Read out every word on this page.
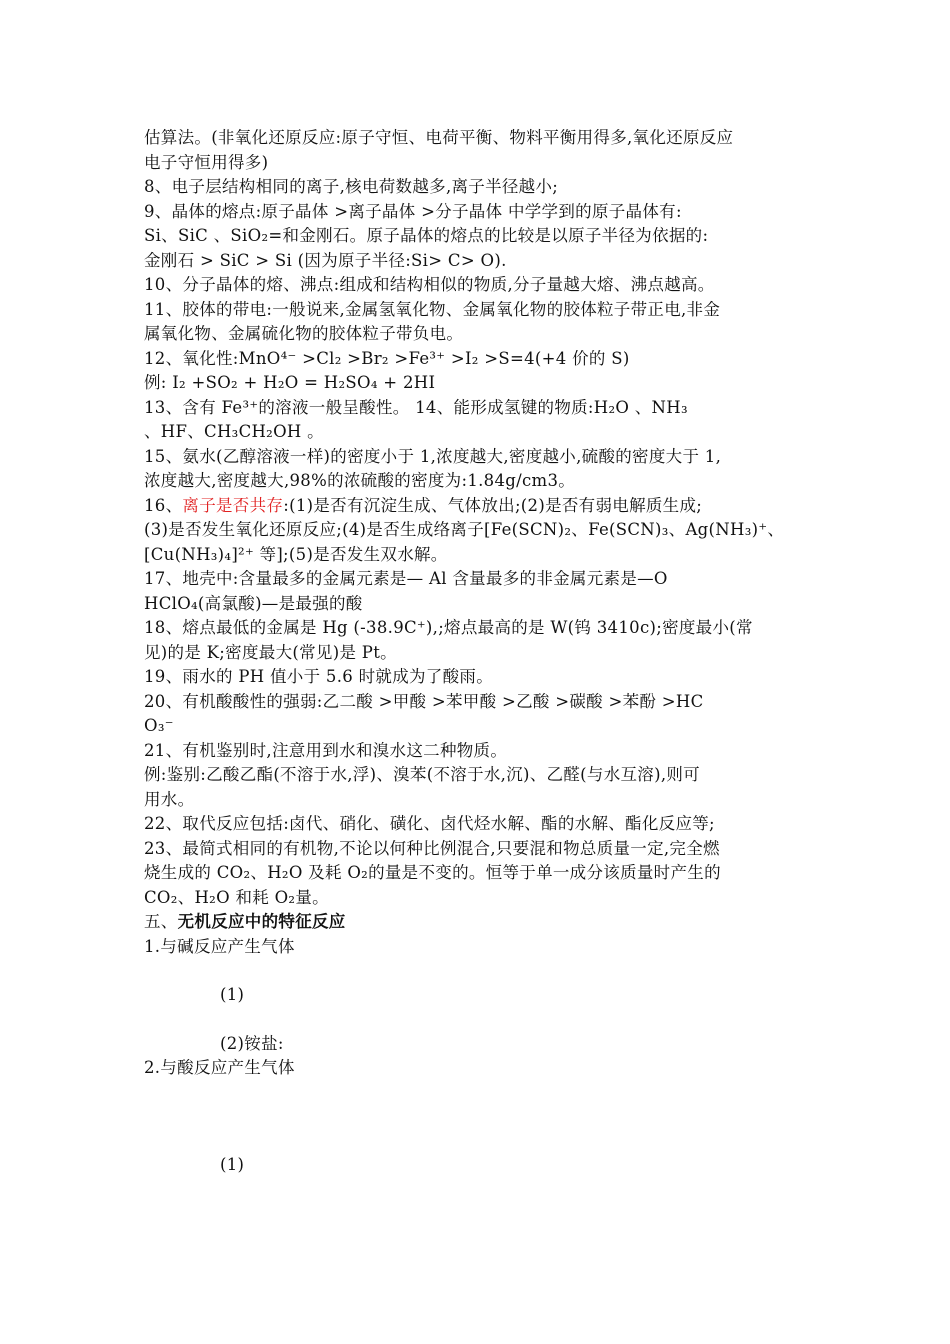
估算法。(非氧化还原反应:原子守恒、电荷平衡、物料平衡用得多,氧化还原反应
电子守恒用得多)
8、电子层结构相同的离子,核电荷数越多,离子半径越小;
9、晶体的熔点:原子晶体 >离子晶体 >分子晶体 中学学到的原子晶体有:
Si、SiC 、SiO₂=和金刚石。原子晶体的熔点的比较是以原子半径为依据的:
金刚石 > SiC > Si (因为原子半径:Si> C> O).
10、分子晶体的熔、沸点:组成和结构相似的物质,分子量越大熔、沸点越高。
11、胶体的带电:一般说来,金属氢氧化物、金属氧化物的胶体粒子带正电,非金
属氧化物、金属硫化物的胶体粒子带负电。
12、氧化性:MnO⁴⁻ >Cl₂ >Br₂ >Fe³⁺ >I₂ >S=4(+4 价的 S)
例: I₂ +SO₂ + H₂O = H₂SO₄ + 2HI
13、含有 Fe³⁺的溶液一般呈酸性。 14、能形成氢键的物质:H₂O 、NH₃
、HF、CH₃CH₂OH 。
15、氨水(乙醇溶液一样)的密度小于 1,浓度越大,密度越小,硫酸的密度大于 1,
浓度越大,密度越大,98%的浓硫酸的密度为:1.84g/cm3。
16、离子是否共存:(1)是否有沉淀生成、气体放出;(2)是否有弱电解质生成;
(3)是否发生氧化还原反应;(4)是否生成络离子[Fe(SCN)₂、Fe(SCN)₃、Ag(NH₃)⁺、
[Cu(NH₃)₄]²⁺ 等];(5)是否发生双水解。
17、地壳中:含量最多的金属元素是— Al 含量最多的非金属元素是—O
HClO₄(高氯酸)—是最强的酸
18、熔点最低的金属是 Hg (-38.9C⁺),;熔点最高的是 W(钨 3410c);密度最小(常
见)的是 K;密度最大(常见)是 Pt。
19、雨水的 PH 值小于 5.6 时就成为了酸雨。
20、有机酸酸性的强弱:乙二酸 >甲酸 >苯甲酸 >乙酸 >碳酸 >苯酚 >HC
O₃⁻
21、有机鉴别时,注意用到水和溴水这二种物质。
例:鉴别:乙酸乙酯(不溶于水,浮)、溴苯(不溶于水,沉)、乙醛(与水互溶),则可
用水。
22、取代反应包括:卤代、硝化、磺化、卤代烃水解、酯的水解、酯化反应等;
23、最简式相同的有机物,不论以何种比例混合,只要混和物总质量一定,完全燃
烧生成的 CO₂、H₂O 及耗 O₂的量是不变的。恒等于单一成分该质量时产生的
CO₂、H₂O 和耗 O₂量。
五、无机反应中的特征反应
1.与碱反应产生气体
(1)
(2)铵盐:
2.与酸反应产生气体
(1)
